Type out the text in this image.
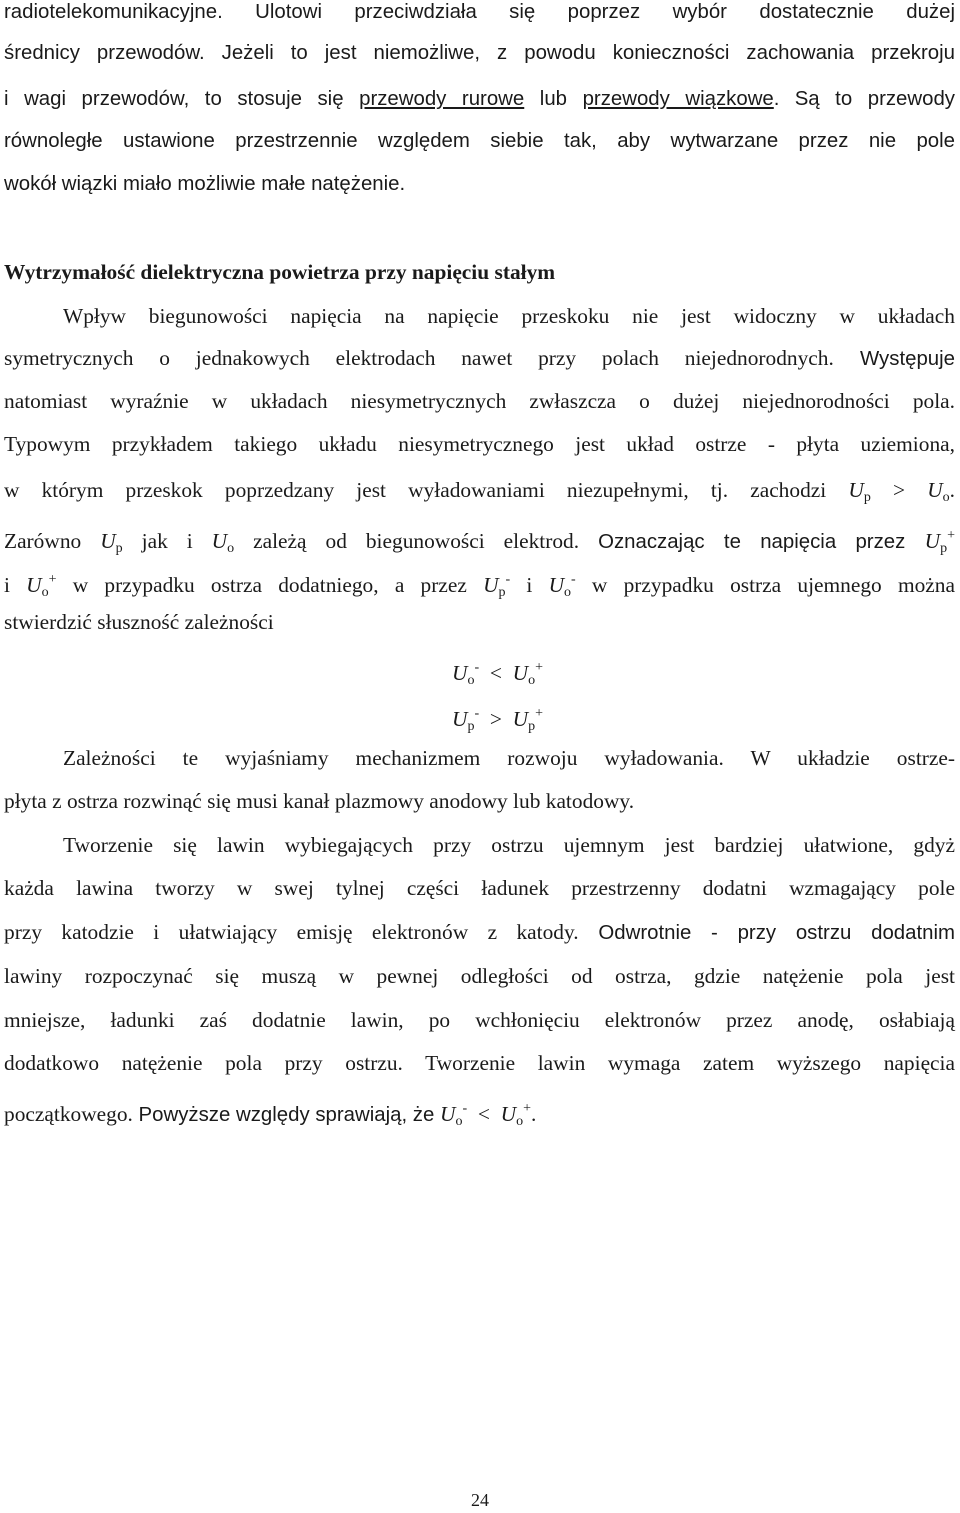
radiotelekomunikacyjne. Ulotowi przeciwdziała się poprzez wybór dostatecznie dużej
średnicy przewodów. Jeżeli to jest niemożliwe, z powodu konieczności zachowania przekroju
i wagi przewodów, to stosuje się przewody rurowe lub przewody wiązkowe. Są to przewody
równoległe ustawione przestrzennie względem siebie tak, aby wytwarzane przez nie pole
wokół wiązki miało możliwie małe natężenie.
Wytrzymałość dielektryczna powietrza przy napięciu stałym
Wpływ biegunowości napięcia na napięcie przeskoku nie jest widoczny w układach
symetrycznych o jednakowych elektrodach nawet przy polach niejednorodnych. Występuje
natomiast wyraźnie w układach niesymetrycznych zwłaszcza o dużej niejednorodności pola.
Typowym przykładem takiego układu niesymetrycznego jest układ ostrze - płyta uziemiona,
w którym przeskok poprzedzany jest wyładowaniami niezupełnymi, tj. zachodzi $U_p > U_o$.
Zarówno $U_p$ jak i $U_o$ zależą od biegunowości elektrod. Oznaczając te napięcia przez $U_p^+$
i $U_o^+$ w przypadku ostrza dodatniego, a przez $U_p^-$ i $U_o^-$ w przypadku ostrza ujemnego można
stwierdzić słuszność zależności
$U_o^- < U_o^+$
$U_p^- > U_p^+$
Zależności te wyjaśniamy mechanizmem rozwoju wyładowania. W układzie ostrze-
płyta z ostrza rozwinąć się musi kanał plazmowy anodowy lub katodowy.
Tworzenie się lawin wybiegających przy ostrzu ujemnym jest bardziej ułatwione, gdyż
każda lawina tworzy w swej tylnej części ładunek przestrzenny dodatni wzmagający pole
przy katodzie i ułatwiający emisję elektronów z katody. Odwrotnie - przy ostrzu dodatnim
lawiny rozpoczynać się muszą w pewnej odległości od ostrza, gdzie natężenie pola jest
mniejsze, ładunki zaś dodatnie lawin, po wchłonięciu elektronów przez anodę, osłabiają
dodatkowo natężenie pola przy ostrzu. Tworzenie lawin wymaga zatem wyższego napięcia
początkowego. Powyższe względy sprawiają, że $U_o^- < U_o^+$.
24
